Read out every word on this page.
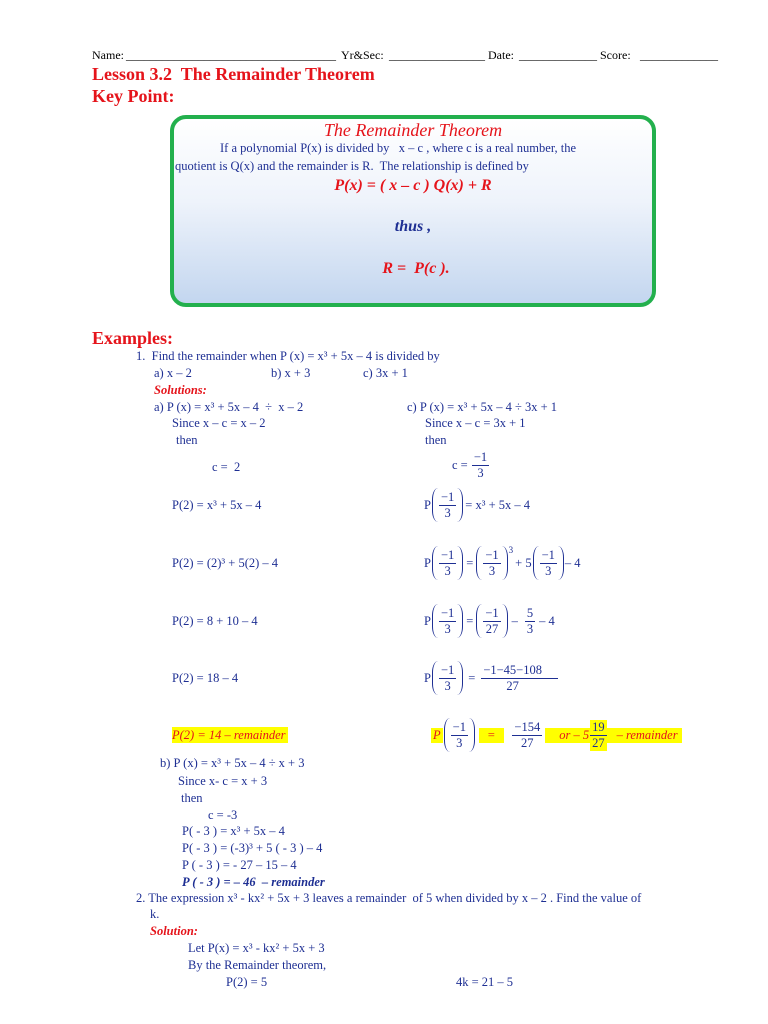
Name: ___________________________________ Yr&Sec: ________________ Date: _____________ Score: _____________
Lesson 3.2  The Remainder Theorem
Key Point:
The Remainder Theorem
If a polynomial P(x) is divided by   x – c , where c is a real number, the
quotient is Q(x) and the remainder is R.  The relationship is defined by
P(x) = ( x – c ) Q(x) + R
thus ,
R =  P(c ).
Examples:
1.  Find the remainder when P (x) = x³ + 5x – 4 is divided by
a) x – 2	b) x + 3	c) 3x + 1
Solutions:
a) P (x) = x³ + 5x – 4  ÷  x – 2
Since x – c = x – 2
then
c =  2
P(2) = x³ + 5x – 4
P(2) = (2)³ + 5(2) – 4
P(2) = 8 + 10 – 4
P(2) = 18 – 4
P(2) = 14 – remainder
c) P (x) = x³ + 5x – 4 ÷ 3x + 1
Since x – c = 3x + 1
then
$c = \frac{-1}{3}$
P $\frac{-1}{3} = x^3 + 5x - 4$
P $\frac{-1}{3} = \frac{-1}{3} 3$
+ $5 \frac{-1}{3} - 4$
P $\frac{-1}{3} = \frac{-1}{27} - \frac{5}{3} - 4$
P $\frac{-1}{3} = \frac{-1-45-108}{27}$
P $\frac{-1}{3}$	=	$\frac{-154}{27}$	or – $5 \frac{19}{27}$ – remainder
b) P (x) = x³ + 5x – 4 ÷ x + 3
Since x- c = x + 3
then
c = -3
P( - 3 ) = x³ + 5x – 4
P( - 3 ) = (-3)³ + 5 ( - 3 ) – 4
P ( - 3 ) = - 27 – 15 – 4
P ( - 3 ) = – 46  – remainder
2. The expression x³ - kx² + 5x + 3 leaves a remainder  of 5 when divided by x – 2 . Find the value of
k.
Solution:
Let P(x) = x³ - kx² + 5x + 3
By the Remainder theorem,
P(2) = 5	4k = 21 – 5
